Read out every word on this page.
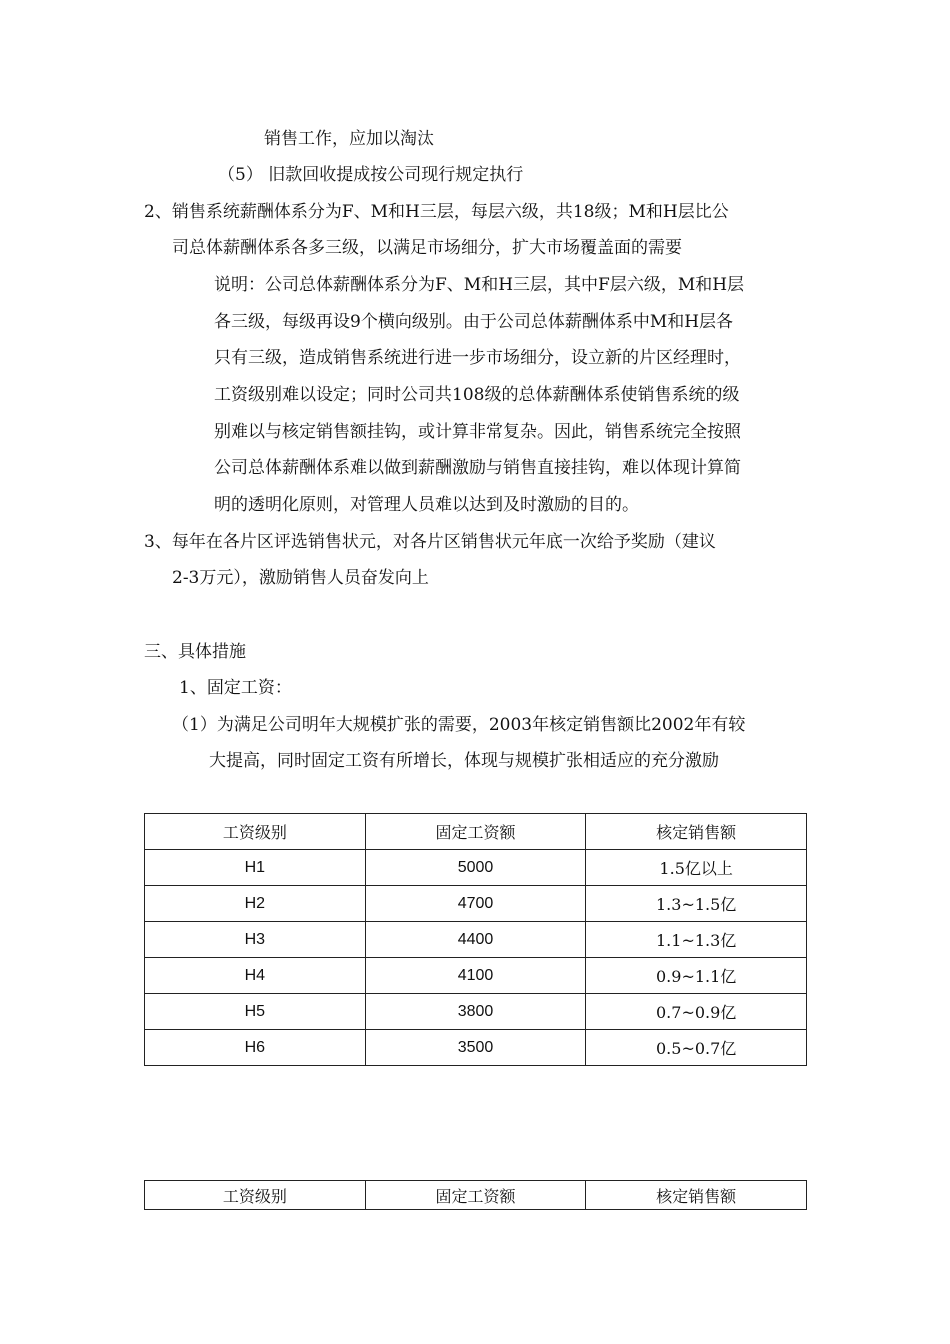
销售工作，应加以淘汰
（5） 旧款回收提成按公司现行规定执行
2、销售系统薪酬体系分为F、M和H三层，每层六级，共18级；M和H层比公
司总体薪酬体系各多三级，以满足市场细分，扩大市场覆盖面的需要
说明：公司总体薪酬体系分为F、M和H三层，其中F层六级，M和H层
各三级，每级再设9个横向级别。由于公司总体薪酬体系中M和H层各
只有三级，造成销售系统进行进一步市场细分，设立新的片区经理时，
工资级别难以设定；同时公司共108级的总体薪酬体系使销售系统的级
别难以与核定销售额挂钩，或计算非常复杂。因此，销售系统完全按照
公司总体薪酬体系难以做到薪酬激励与销售直接挂钩，难以体现计算简
明的透明化原则，对管理人员难以达到及时激励的目的。
3、每年在各片区评选销售状元，对各片区销售状元年底一次给予奖励（建议
2-3万元），激励销售人员奋发向上
三、具体措施
1、固定工资：
（1）为满足公司明年大规模扩张的需要，2003年核定销售额比2002年有较
大提高，同时固定工资有所增长，体现与规模扩张相适应的充分激励
工资级别	固定工资额	核定销售额
H1	5000	1.5亿以上
H2	4700	1.3~1.5亿
H3	4400	1.1~1.3亿
H4	4100	0.9~1.1亿
H5	3800	0.7~0.9亿
H6	3500	0.5~0.7亿
工资级别	固定工资额	核定销售额
